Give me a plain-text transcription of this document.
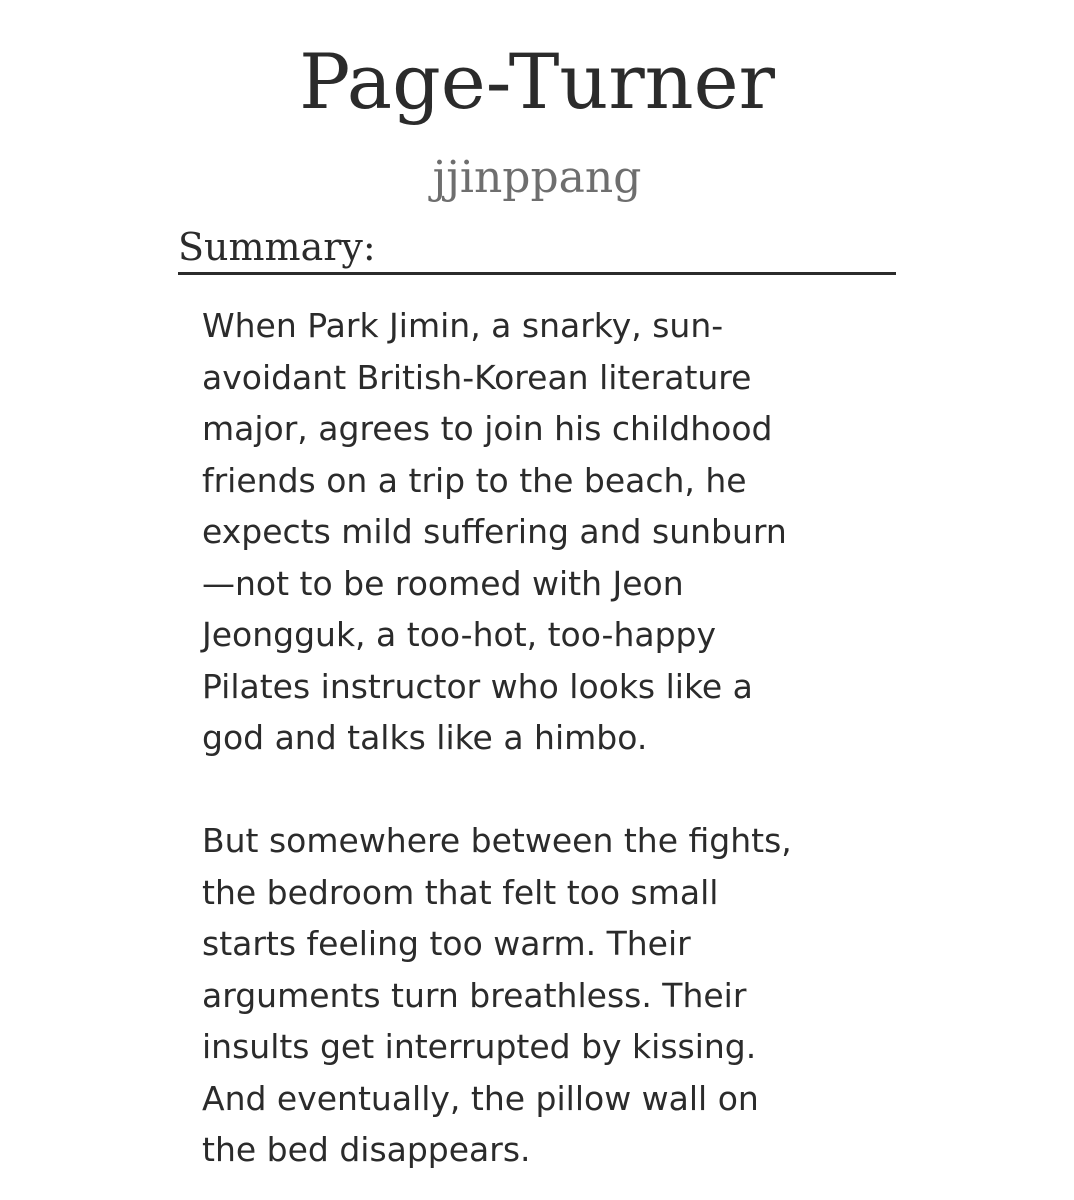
Page-Turner
jjinppang
Summary:

When Park Jimin, a snarky, sun-
avoidant British-Korean literature
major, agrees to join his childhood
friends on a trip to the beach, he
expects mild suffering and sunburn
—not to be roomed with Jeon
Jeongguk, a too-hot, too-happy
Pilates instructor who looks like a
god and talks like a himbo.

But somewhere between the fights,
the bedroom that felt too small
starts feeling too warm. Their
arguments turn breathless. Their
insults get interrupted by kissing.
And eventually, the pillow wall on
the bed disappears.
